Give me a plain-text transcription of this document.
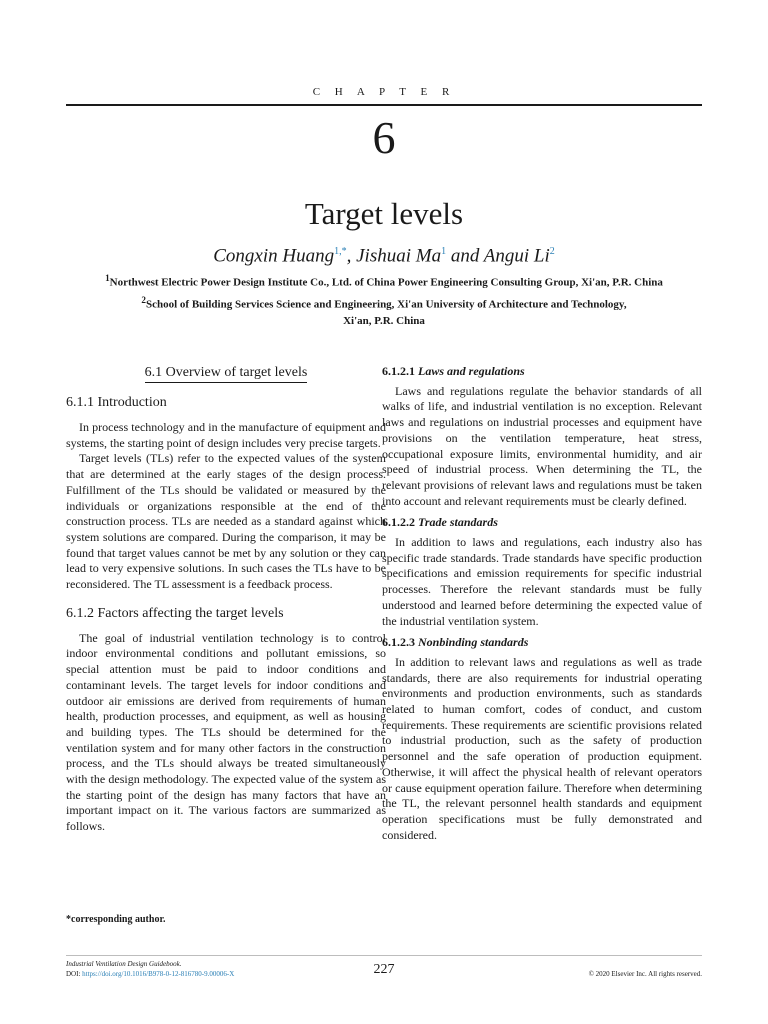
C H A P T E R
6
Target levels
Congxin Huang$^{1,*}$, Jishuai Ma$^1$ and Angui Li$^2$
$^1$Northwest Electric Power Design Institute Co., Ltd. of China Power Engineering Consulting Group, Xi'an, P.R. China
$^2$School of Building Services Science and Engineering, Xi'an University of Architecture and Technology,
Xi'an, P.R. China
6.1 Overview of target levels
6.1.1 Introduction

In process technology and in the manufacture of equipment and systems, the starting point of design includes very precise targets.

Target levels (TLs) refer to the expected values of the system that are determined at the early stages of the design process. Fulfillment of the TLs should be validated or measured by the individuals or organizations responsible at the end of the construction process. TLs are needed as a standard against which system solutions are compared. During the comparison, it may be found that target values cannot be met by any solution or they can lead to very expensive solutions. In such cases the TLs have to be reconsidered. The TL assessment is a feedback process.

6.1.2 Factors affecting the target levels

The goal of industrial ventilation technology is to control indoor environmental conditions and pollutant emissions, so special attention must be paid to indoor conditions and contaminant levels. The target levels for indoor conditions and outdoor air emissions are derived from requirements of human health, production processes, and equipment, as well as housing and building types. The TLs should be determined for the ventilation system and for many other factors in the construction process, and the TLs should always be treated simultaneously with the design methodology. The expected value of the system as the starting point of the design has many factors that have an important impact on it. The various factors are summarized as follows.

6.1.2.1 Laws and regulations

Laws and regulations regulate the behavior standards of all walks of life, and industrial ventilation is no exception. Relevant laws and regulations on industrial processes and equipment have provisions on the ventilation temperature, heat stress, occupational exposure limits, environmental humidity, and air speed of industrial process. When determining the TL, the relevant provisions of relevant laws and regulations must be taken into account and relevant requirements must be clearly defined.

6.1.2.2 Trade standards

In addition to laws and regulations, each industry also has specific trade standards. Trade standards have specific production specifications and emission requirements for specific industrial processes. Therefore the relevant standards must be fully understood and learned before determining the expected value of the industrial ventilation system.

6.1.2.3 Nonbinding standards

In addition to relevant laws and regulations as well as trade standards, there are also requirements for industrial operating environments and production environments, such as standards related to human comfort, codes of conduct, and custom requirements. These requirements are scientific provisions related to industrial production, such as the safety of production personnel and the safe operation of production equipment. Otherwise, it will affect the physical health of relevant operators or cause equipment operation failure. Therefore when determining the TL, the relevant personnel health standards and equipment operation specifications must be fully demonstrated and considered.

*corresponding author.
Industrial Ventilation Design Guidebook.
DOI: https://doi.org/10.1016/B978-0-12-816780-9.00006-X	227	© 2020 Elsevier Inc. All rights reserved.
